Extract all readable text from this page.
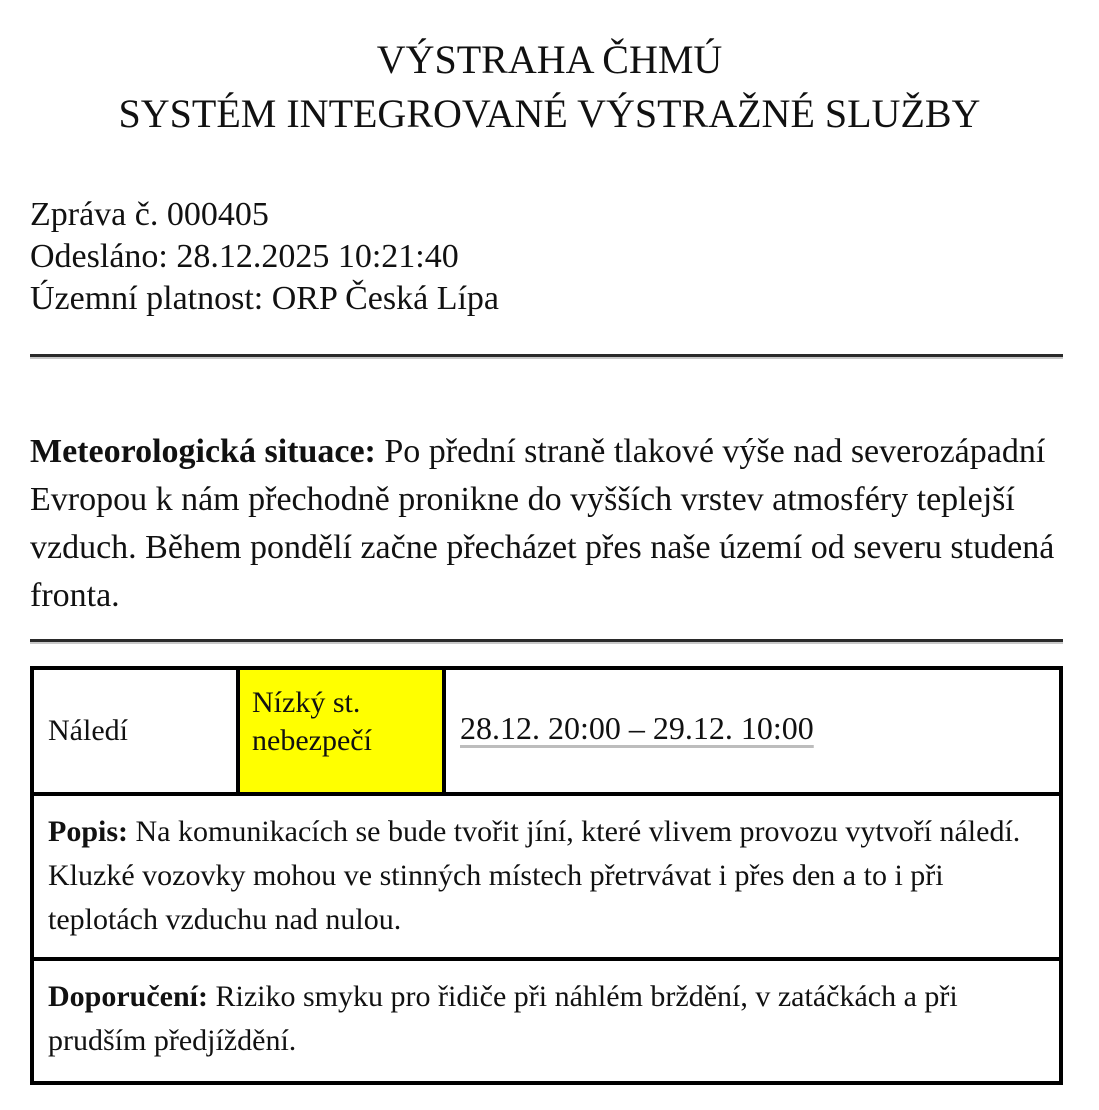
VÝSTRAHA ČHMÚ
SYSTÉM INTEGROVANÉ VÝSTRAŽNÉ SLUŽBY
Zpráva č. 000405
Odesláno: 28.12.2025 10:21:40
Územní platnost: ORP Česká Lípa
Meteorologická situace: Po přední straně tlakové výše nad severozápadní Evropou k nám přechodně pronikne do vyšších vrstev atmosféry teplejší vzduch. Během pondělí začne přecházet přes naše území od severu studená fronta.
Náledí
Nízký st.
nebezpečí	28.12. 20:00 – 29.12. 10:00
Popis: Na komunikacích se bude tvořit jíní, které vlivem provozu vytvoří náledí. Kluzké vozovky mohou ve stinných místech přetrvávat i přes den a to i při teplotách vzduchu nad nulou.
Doporučení: Riziko smyku pro řidiče při náhlém brždění, v zatáčkách a při prudším předjíždění.
